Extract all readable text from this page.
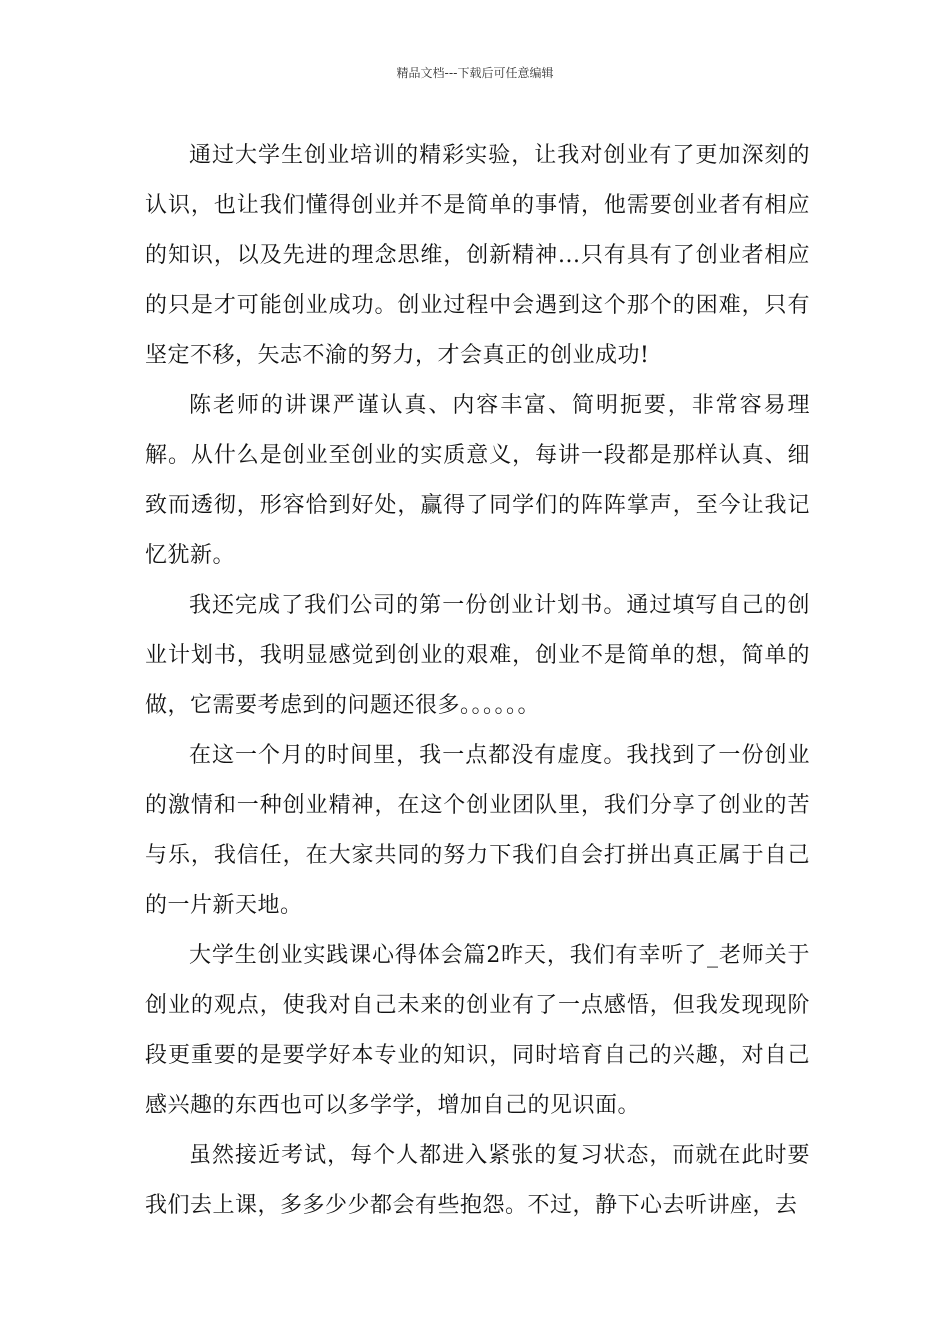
精品文档---下载后可任意编辑

通过大学生创业培训的精彩实验，让我对创业有了更加深刻的认识，也让我们懂得创业并不是简单的事情，他需要创业者有相应的知识，以及先进的理念思维，创新精神...只有具有了创业者相应的只是才可能创业成功。创业过程中会遇到这个那个的困难，只有坚定不移，矢志不渝的努力，才会真正的创业成功!

陈老师的讲课严谨认真、内容丰富、简明扼要，非常容易理解。从什么是创业至创业的实质意义，每讲一段都是那样认真、细致而透彻，形容恰到好处，赢得了同学们的阵阵掌声，至今让我记忆犹新。

我还完成了我们公司的第一份创业计划书。通过填写自己的创业计划书，我明显感觉到创业的艰难，创业不是简单的想，简单的做，它需要考虑到的问题还很多。。。。。。

在这一个月的时间里，我一点都没有虚度。我找到了一份创业的激情和一种创业精神，在这个创业团队里，我们分享了创业的苦与乐，我信任，在大家共同的努力下我们自会打拼出真正属于自己的一片新天地。

大学生创业实践课心得体会篇2昨天，我们有幸听了_老师关于创业的观点，使我对自己未来的创业有了一点感悟，但我发现现阶段更重要的是要学好本专业的知识，同时培育自己的兴趣，对自己感兴趣的东西也可以多学学，增加自己的见识面。

虽然接近考试，每个人都进入紧张的复习状态，而就在此时要我们去上课，多多少少都会有些抱怨。不过，静下心去听讲座，去
